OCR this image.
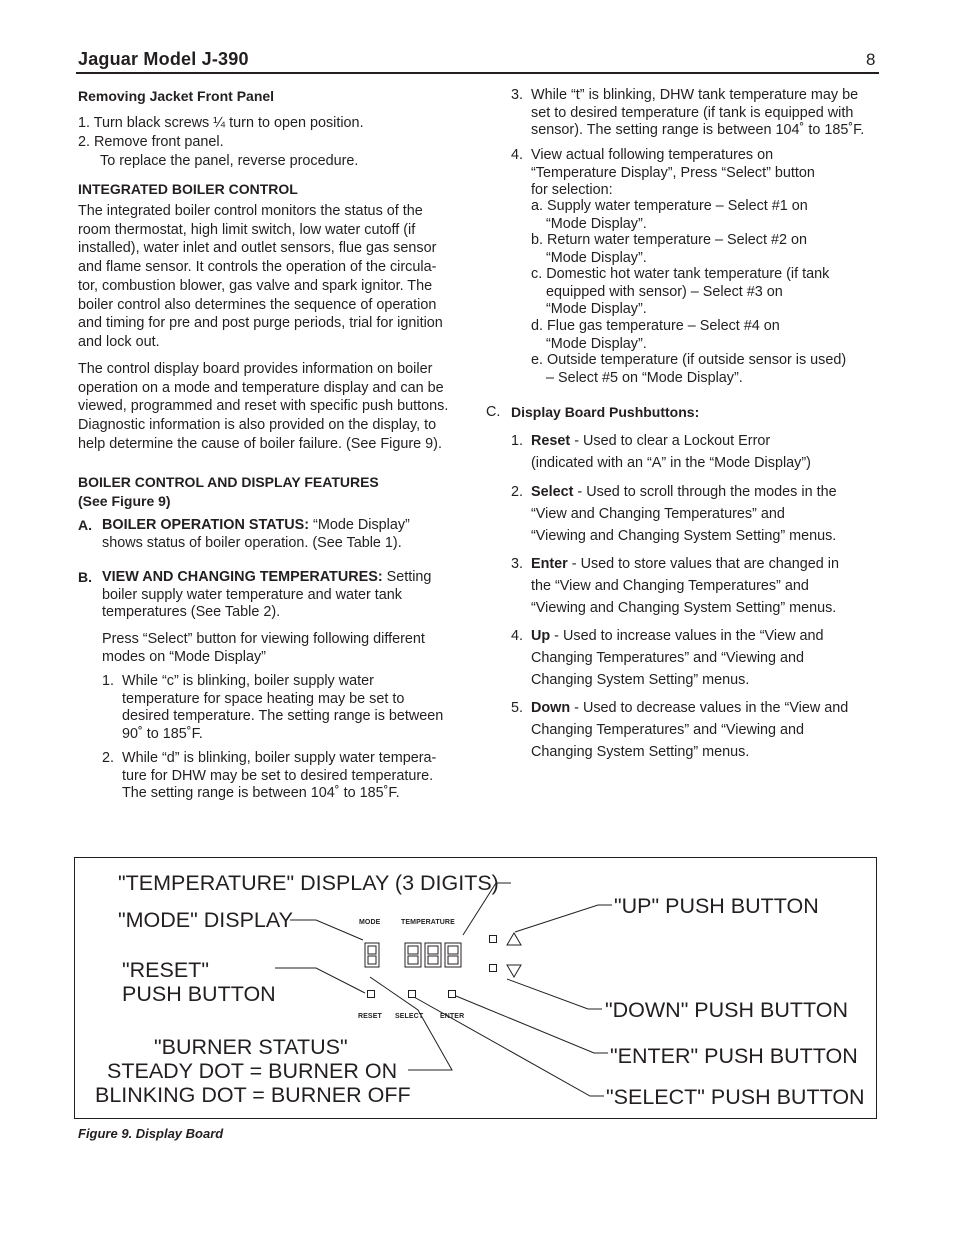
Jaguar Model J-390	8
Removing Jacket Front Panel
1. Turn black screws ¼ turn to open position.
2. Remove front panel.
To replace the panel, reverse procedure.
INTEGRATED BOILER CONTROL
The integrated boiler control monitors the status of the
room thermostat, high limit switch, low water cutoff (if
installed), water inlet and outlet sensors, flue gas sensor
and flame sensor. It controls the operation of the circula-
tor, combustion blower, gas valve and spark ignitor. The
boiler control also determines the sequence of operation
and timing for pre and post purge periods, trial for ignition
and lock out.
The control display board provides information on boiler
operation on a mode and temperature display and can be
viewed, programmed and reset with specific push buttons.
Diagnostic information is also provided on the display, to
help determine the cause of boiler failure. (See Figure 9).
BOILER CONTROL AND DISPLAY FEATURES
(See Figure 9)
A. BOILER OPERATION STATUS: “Mode Display”
shows status of boiler operation. (See Table 1).
B. VIEW AND CHANGING TEMPERATURES: Setting
boiler supply water temperature and water tank
temperatures (See Table 2).
Press “Select” button for viewing following different
modes on “Mode Display”
1. While “c” is blinking, boiler supply water
temperature for space heating may be set to
desired temperature. The setting range is between
90˚ to 185˚F.
2. While “d” is blinking, boiler supply water tempera-
ture for DHW may be set to desired temperature.
The setting range is between 104˚ to 185˚F.
3. While “t” is blinking, DHW tank temperature may be
set to desired temperature (if tank is equipped with
sensor). The setting range is between 104˚ to 185˚F.
4. View actual following temperatures on
“Temperature Display”, Press “Select” button
for selection:
a. Supply water temperature – Select #1 on
“Mode Display”.
b. Return water temperature – Select #2 on
“Mode Display”.
c. Domestic hot water tank temperature (if tank
equipped with sensor) – Select #3 on
“Mode Display”.
d. Flue gas temperature – Select #4 on
“Mode Display”.
e. Outside temperature (if outside sensor is used)
– Select #5 on “Mode Display”.
C. Display Board Pushbuttons:
1. Reset - Used to clear a Lockout Error
(indicated with an “A” in the “Mode Display”)
2. Select - Used to scroll through the modes in the
“View and Changing Temperatures” and
“Viewing and Changing System Setting” menus.
3. Enter - Used to store values that are changed in
the “View and Changing Temperatures” and
“Viewing and Changing System Setting” menus.
4. Up - Used to increase values in the “View and
Changing Temperatures” and “Viewing and
Changing System Setting” menus.
5. Down - Used to decrease values in the “View and
Changing Temperatures” and “Viewing and
Changing System Setting” menus.
MODE	TEMPERATURE
RESET SELECT ENTER
"TEMPERATURE" DISPLAY (3 DIGITS)
"MODE" DISPLAY
"RESET"
PUSH BUTTON
"BURNER STATUS"
STEADY DOT = BURNER ON
BLINKING DOT = BURNER OFF
"UP" PUSH BUTTON
"DOWN" PUSH BUTTON
"ENTER" PUSH BUTTON
"SELECT" PUSH BUTTON
Figure 9. Display Board
